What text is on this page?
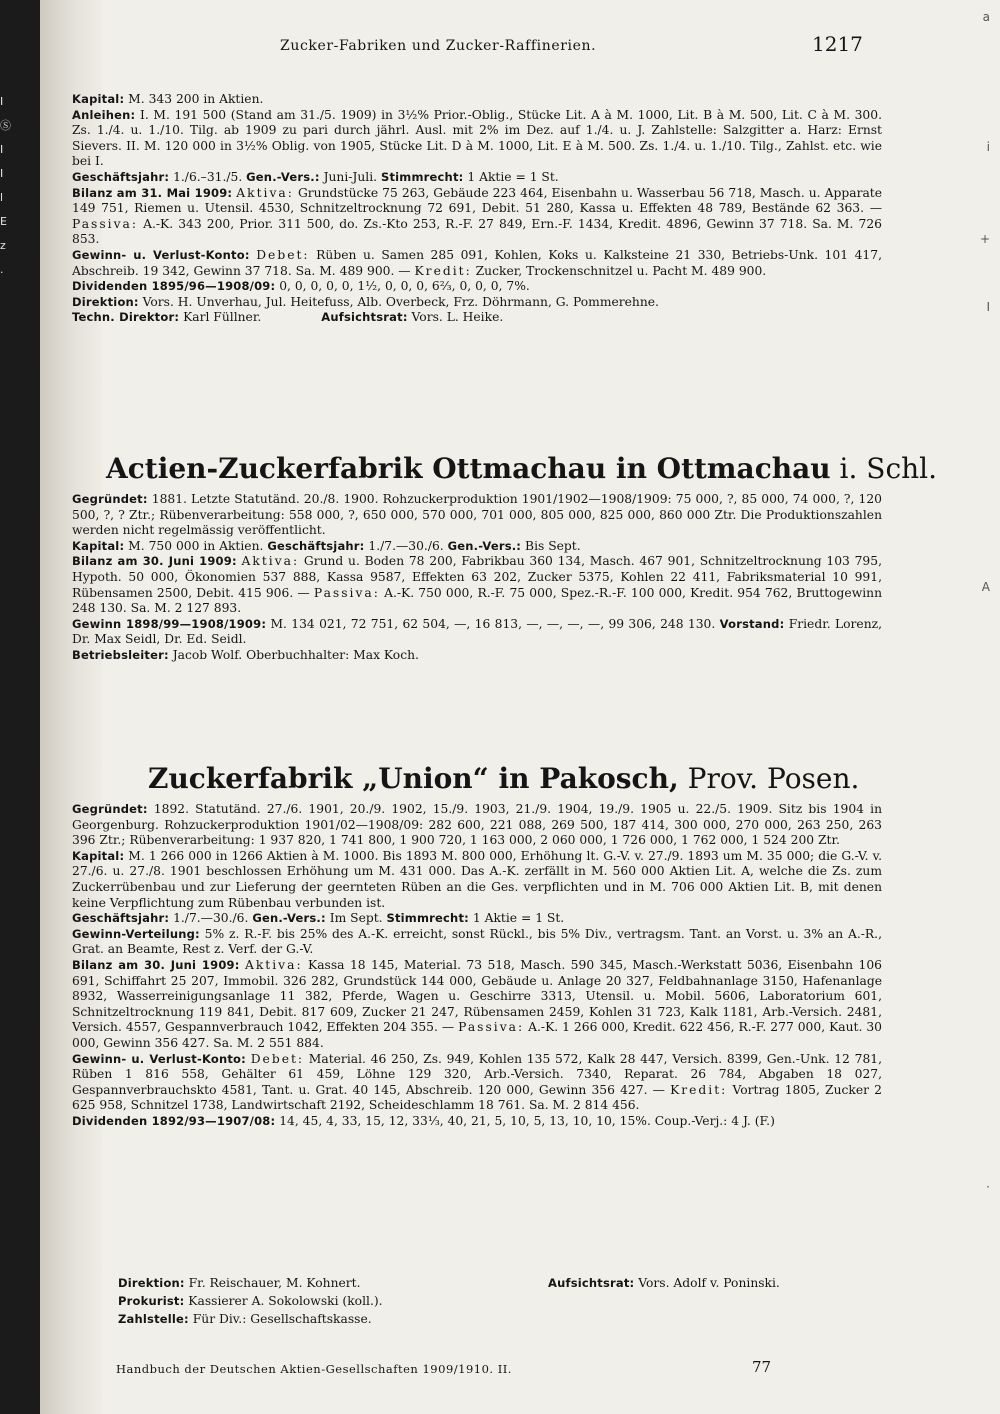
I
Ⓢ
I
I
l
E
z
.
A
a
i
+
I
·
Zucker-Fabriken und Zucker-Raffinerien.	1217

Kapital: M. 343 200 in Aktien.

Anleihen: I. M. 191 500 (Stand am 31./5. 1909) in 3½% Prior.-Oblig., Stücke Lit. A à M. 1000, Lit. B à M. 500, Lit. C à M. 300. Zs. 1./4. u. 1./10. Tilg. ab 1909 zu pari durch jährl. Ausl. mit 2% im Dez. auf 1./4. u. J. Zahlstelle: Salzgitter a. Harz: Ernst Sievers. II. M. 120 000 in 3½% Oblig. von 1905, Stücke Lit. D à M. 1000, Lit. E à M. 500. Zs. 1./4. u. 1./10. Tilg., Zahlst. etc. wie bei I.

Geschäftsjahr: 1./6.–31./5. Gen.-Vers.: Juni-Juli. Stimmrecht: 1 Aktie = 1 St.

Bilanz am 31. Mai 1909: Aktiva: Grundstücke 75 263, Gebäude 223 464, Eisenbahn u. Wasserbau 56 718, Masch. u. Apparate 149 751, Riemen u. Utensil. 4530, Schnitzeltrocknung 72 691, Debit. 51 280, Kassa u. Effekten 48 789, Bestände 62 363. — Passiva: A.-K. 343 200, Prior. 311 500, do. Zs.-Kto 253, R.-F. 27 849, Ern.-F. 1434, Kredit. 4896, Gewinn 37 718. Sa. M. 726 853.

Gewinn- u. Verlust-Konto: Debet: Rüben u. Samen 285 091, Kohlen, Koks u. Kalksteine 21 330, Betriebs-Unk. 101 417, Abschreib. 19 342, Gewinn 37 718. Sa. M. 489 900. — Kredit: Zucker, Trockenschnitzel u. Pacht M. 489 900.

Dividenden 1895/96—1908/09: 0, 0, 0, 0, 0, 1½, 0, 0, 0, 6⅔, 0, 0, 0, 7%.

Direktion: Vors. H. Unverhau, Jul. Heitefuss, Alb. Overbeck, Frz. Döhrmann, G. Pommerehne.

Techn. Direktor: Karl Füllner.	Aufsichtsrat: Vors. L. Heike.

Actien-Zuckerfabrik Ottmachau in Ottmachau i. Schl.

Gegründet: 1881. Letzte Statutänd. 20./8. 1900. Rohzuckerproduktion 1901/1902—1908/1909: 75 000, ?, 85 000, 74 000, ?, 120 500, ?, ? Ztr.; Rübenverarbeitung: 558 000, ?, 650 000, 570 000, 701 000, 805 000, 825 000, 860 000 Ztr. Die Produktionszahlen werden nicht regelmässig veröffentlicht.

Kapital: M. 750 000 in Aktien. Geschäftsjahr: 1./7.—30./6. Gen.-Vers.: Bis Sept.

Bilanz am 30. Juni 1909: Aktiva: Grund u. Boden 78 200, Fabrikbau 360 134, Masch. 467 901, Schnitzeltrocknung 103 795, Hypoth. 50 000, Ökonomien 537 888, Kassa 9587, Effekten 63 202, Zucker 5375, Kohlen 22 411, Fabriksmaterial 10 991, Rübensamen 2500, Debit. 415 906. — Passiva: A.-K. 750 000, R.-F. 75 000, Spez.-R.-F. 100 000, Kredit. 954 762, Bruttogewinn 248 130. Sa. M. 2 127 893.

Gewinn 1898/99—1908/1909: M. 134 021, 72 751, 62 504, —, 16 813, —, —, —, —, 99 306, 248 130. Vorstand: Friedr. Lorenz, Dr. Max Seidl, Dr. Ed. Seidl.

Betriebsleiter: Jacob Wolf. Oberbuchhalter: Max Koch.

Zuckerfabrik „Union“ in Pakosch, Prov. Posen.

Gegründet: 1892. Statutänd. 27./6. 1901, 20./9. 1902, 15./9. 1903, 21./9. 1904, 19./9. 1905 u. 22./5. 1909. Sitz bis 1904 in Georgenburg. Rohzuckerproduktion 1901/02—1908/09: 282 600, 221 088, 269 500, 187 414, 300 000, 270 000, 263 250, 263 396 Ztr.; Rübenverarbeitung: 1 937 820, 1 741 800, 1 900 720, 1 163 000, 2 060 000, 1 726 000, 1 762 000, 1 524 200 Ztr.

Kapital: M. 1 266 000 in 1266 Aktien à M. 1000. Bis 1893 M. 800 000, Erhöhung lt. G.-V. v. 27./9. 1893 um M. 35 000; die G.-V. v. 27./6. u. 27./8. 1901 beschlossen Erhöhung um M. 431 000. Das A.-K. zerfällt in M. 560 000 Aktien Lit. A, welche die Zs. zum Zuckerrübenbau und zur Lieferung der geernteten Rüben an die Ges. verpflichten und in M. 706 000 Aktien Lit. B, mit denen keine Verpflichtung zum Rübenbau verbunden ist.

Geschäftsjahr: 1./7.—30./6. Gen.-Vers.: Im Sept. Stimmrecht: 1 Aktie = 1 St.

Gewinn-Verteilung: 5% z. R.-F. bis 25% des A.-K. erreicht, sonst Rückl., bis 5% Div., vertragsm. Tant. an Vorst. u. 3% an A.-R., Grat. an Beamte, Rest z. Verf. der G.-V.

Bilanz am 30. Juni 1909: Aktiva: Kassa 18 145, Material. 73 518, Masch. 590 345, Masch.-Werkstatt 5036, Eisenbahn 106 691, Schiffahrt 25 207, Immobil. 326 282, Grundstück 144 000, Gebäude u. Anlage 20 327, Feldbahnanlage 3150, Hafenanlage 8932, Wasserreinigungsanlage 11 382, Pferde, Wagen u. Geschirre 3313, Utensil. u. Mobil. 5606, Laboratorium 601, Schnitzeltrocknung 119 841, Debit. 817 609, Zucker 21 247, Rübensamen 2459, Kohlen 31 723, Kalk 1181, Arb.-Versich. 2481, Versich. 4557, Gespannverbrauch 1042, Effekten 204 355. — Passiva: A.-K. 1 266 000, Kredit. 622 456, R.-F. 277 000, Kaut. 30 000, Gewinn 356 427. Sa. M. 2 551 884.

Gewinn- u. Verlust-Konto: Debet: Material. 46 250, Zs. 949, Kohlen 135 572, Kalk 28 447, Versich. 8399, Gen.-Unk. 12 781, Rüben 1 816 558, Gehälter 61 459, Löhne 129 320, Arb.-Versich. 7340, Reparat. 26 784, Abgaben 18 027, Gespannverbrauchskto 4581, Tant. u. Grat. 40 145, Abschreib. 120 000, Gewinn 356 427. — Kredit: Vortrag 1805, Zucker 2 625 958, Schnitzel 1738, Landwirtschaft 2192, Scheideschlamm 18 761. Sa. M. 2 814 456.

Dividenden 1892/93—1907/08: 14, 45, 4, 33, 15, 12, 33⅓, 40, 21, 5, 10, 5, 13, 10, 10, 15%. Coup.-Verj.: 4 J. (F.)

Direktion: Fr. Reischauer, M. Kohnert.	Aufsichtsrat: Vors. Adolf v. Poninski.
Prokurist: Kassierer A. Sokolowski (koll.).
Zahlstelle: Für Div.: Gesellschaftskasse.
Handbuch der Deutschen Aktien-Gesellschaften 1909/1910. II.	77
